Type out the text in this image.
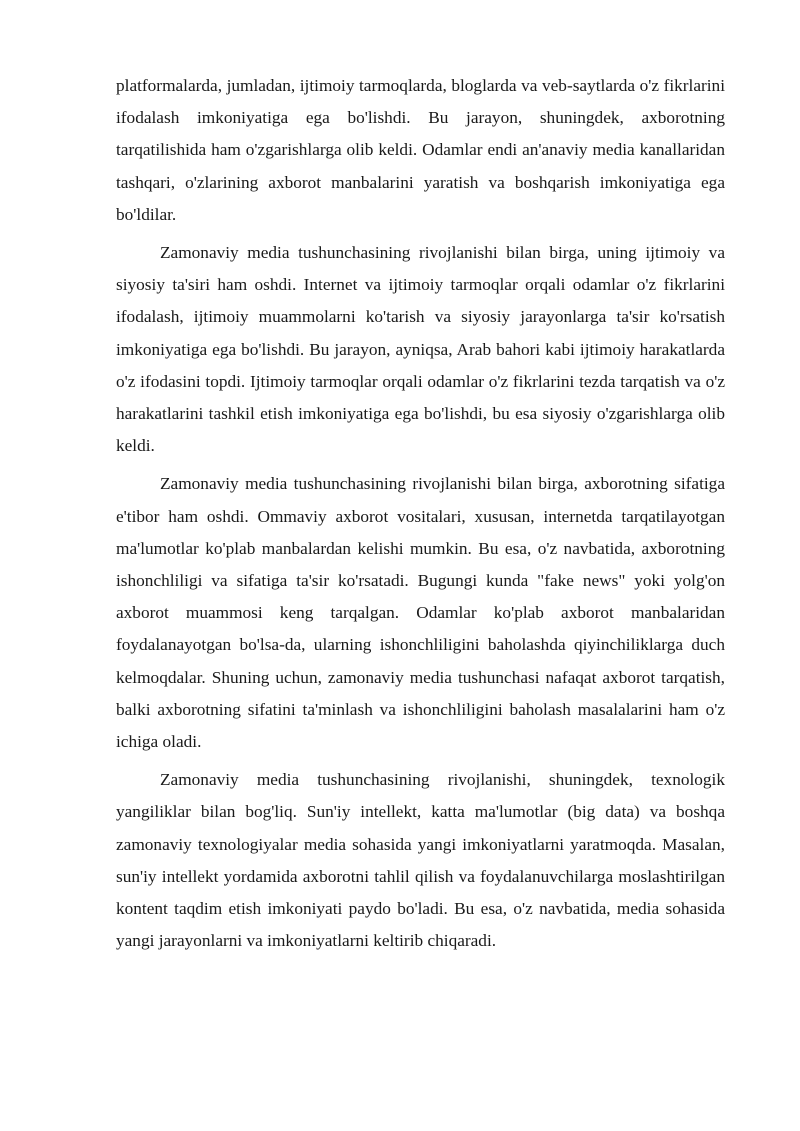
platformalarda, jumladan, ijtimoiy tarmoqlarda, bloglarda va veb-saytlarda o'z fikrlarini ifodalash imkoniyatiga ega bo'lishdi. Bu jarayon, shuningdek, axborotning tarqatilishida ham o'zgarishlarga olib keldi. Odamlar endi an'anaviy media kanallaridan tashqari, o'zlarining axborot manbalarini yaratish va boshqarish imkoniyatiga ega bo'ldilar.

Zamonaviy media tushunchasining rivojlanishi bilan birga, uning ijtimoiy va siyosiy ta'siri ham oshdi. Internet va ijtimoiy tarmoqlar orqali odamlar o'z fikrlarini ifodalash, ijtimoiy muammolarni ko'tarish va siyosiy jarayonlarga ta'sir ko'rsatish imkoniyatiga ega bo'lishdi. Bu jarayon, ayniqsa, Arab bahori kabi ijtimoiy harakatlarda o'z ifodasini topdi. Ijtimoiy tarmoqlar orqali odamlar o'z fikrlarini tezda tarqatish va o'z harakatlarini tashkil etish imkoniyatiga ega bo'lishdi, bu esa siyosiy o'zgarishlarga olib keldi.

Zamonaviy media tushunchasining rivojlanishi bilan birga, axborotning sifatiga e'tibor ham oshdi. Ommaviy axborot vositalari, xususan, internetda tarqatilayotgan ma'lumotlar ko'plab manbalardan kelishi mumkin. Bu esa, o'z navbatida, axborotning ishonchliligi va sifatiga ta'sir ko'rsatadi. Bugungi kunda "fake news" yoki yolg'on axborot muammosi keng tarqalgan. Odamlar ko'plab axborot manbalaridan foydalanayotgan bo'lsa-da, ularning ishonchliligini baholashda qiyinchiliklarga duch kelmoqdalar. Shuning uchun, zamonaviy media tushunchasi nafaqat axborot tarqatish, balki axborotning sifatini ta'minlash va ishonchliligini baholash masalalarini ham o'z ichiga oladi.

Zamonaviy media tushunchasining rivojlanishi, shuningdek, texnologik yangiliklar bilan bog'liq. Sun'iy intellekt, katta ma'lumotlar (big data) va boshqa zamonaviy texnologiyalar media sohasida yangi imkoniyatlarni yaratmoqda. Masalan, sun'iy intellekt yordamida axborotni tahlil qilish va foydalanuvchilarga moslashtirilgan kontent taqdim etish imkoniyati paydo bo'ladi. Bu esa, o'z navbatida, media sohasida yangi jarayonlarni va imkoniyatlarni keltirib chiqaradi.
